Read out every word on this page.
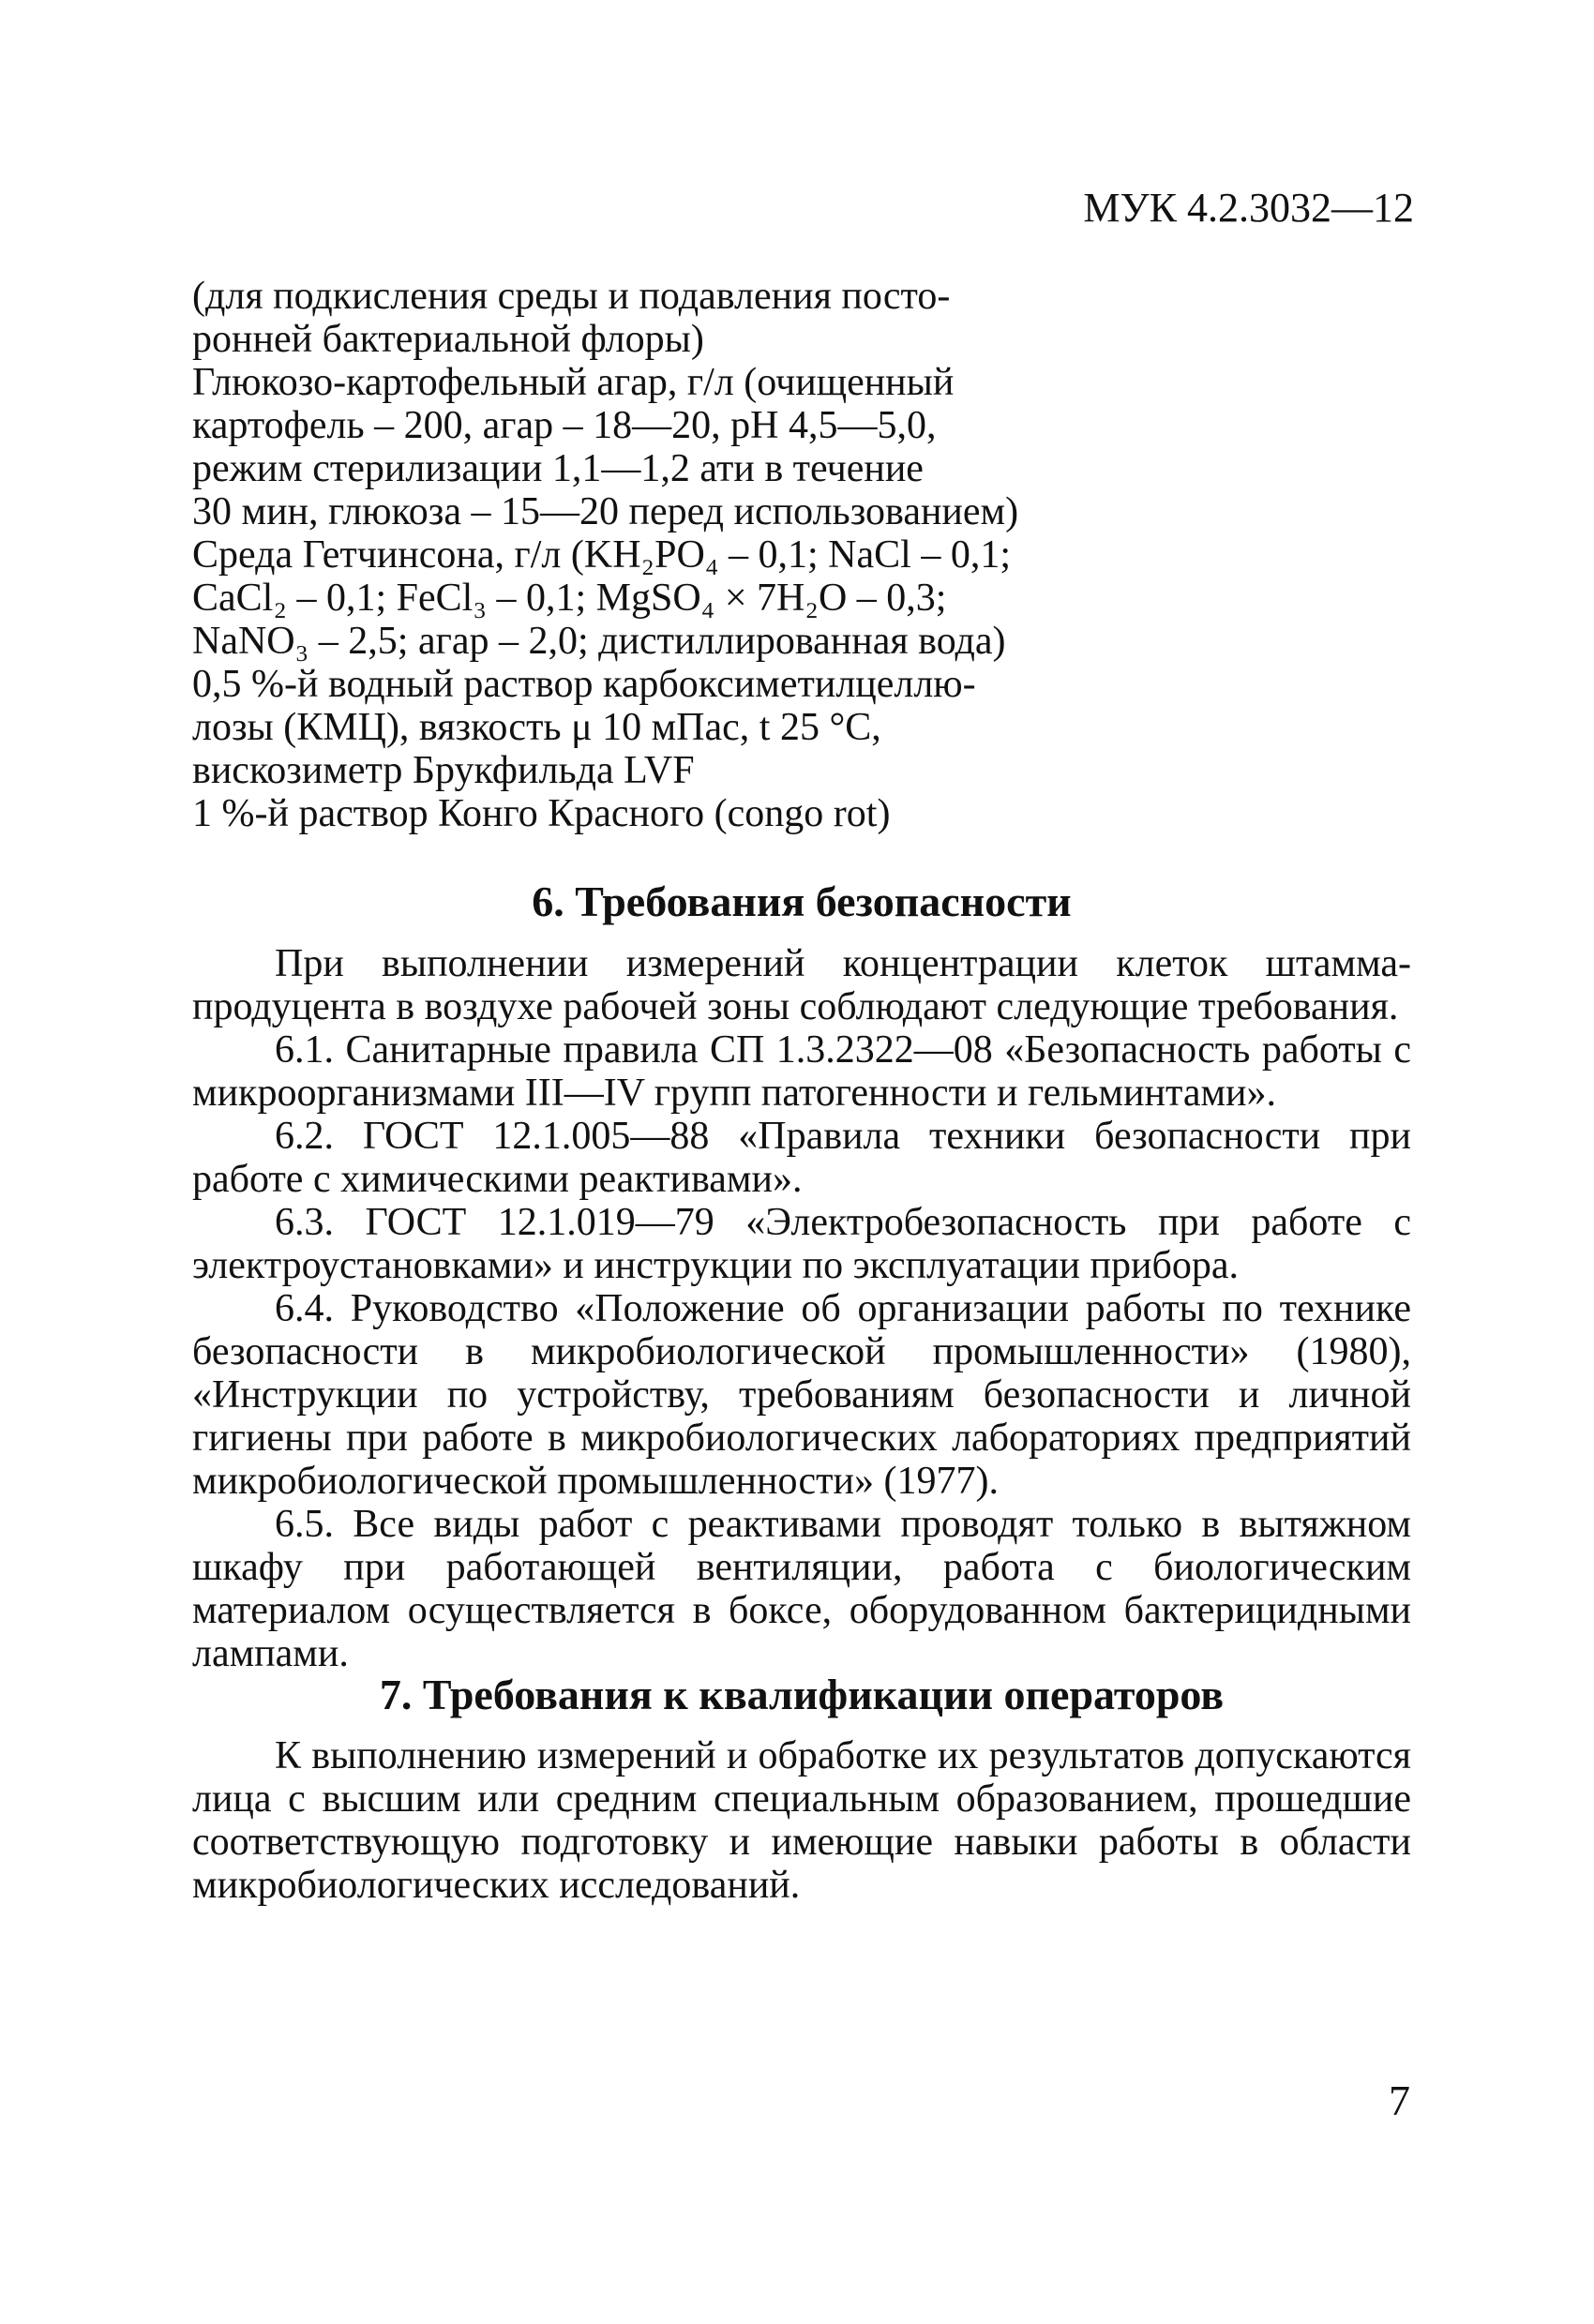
МУК 4.2.3032—12
(для подкисления среды и подавления посто-
ронней бактериальной флоры)
Глюкозо-картофельный агар, г/л (очищенный
картофель – 200, агар – 18—20, pH 4,5—5,0,
режим стерилизации 1,1—1,2 ати в течение
30 мин, глюкоза – 15—20 перед использованием)
Среда Гетчинсона, г/л (KH₂PO₄ – 0,1; NaCl – 0,1;
CaCl₂ – 0,1; FeCl₃ – 0,1; MgSO₄ × 7H₂O – 0,3;
NaNO₃ – 2,5; агар – 2,0; дистиллированная вода)
0,5 %-й водный раствор карбоксиметилцеллю-
лозы (КМЦ), вязкость μ 10 мПас, t 25 °С,
вискозиметр Брукфильда LVF
1 %-й раствор Конго Красного (congo rot)
6. Требования безопасности

При выполнении измерений концентрации клеток штамма-продуцента в воздухе рабочей зоны соблюдают следующие требования.

6.1. Санитарные правила СП 1.3.2322—08 «Безопасность работы с микроорганизмами III—IV групп патогенности и гельминтами».

6.2. ГОСТ 12.1.005—88 «Правила техники безопасности при работе с химическими реактивами».

6.3. ГОСТ 12.1.019—79 «Электробезопасность при работе с электроустановками» и инструкции по эксплуатации прибора.

6.4. Руководство «Положение об организации работы по технике безопасности в микробиологической промышленности» (1980), «Инструкции по устройству, требованиям безопасности и личной гигиены при работе в микробиологических лабораториях предприятий микробиологической промышленности» (1977).

6.5. Все виды работ с реактивами проводят только в вытяжном шкафу при работающей вентиляции, работа с биологическим материалом осуществляется в боксе, оборудованном бактерицидными лампами.

7. Требования к квалификации операторов

К выполнению измерений и обработке их результатов допускаются лица с высшим или средним специальным образованием, прошедшие соответствующую подготовку и имеющие навыки работы в области микробиологических исследований.

7
